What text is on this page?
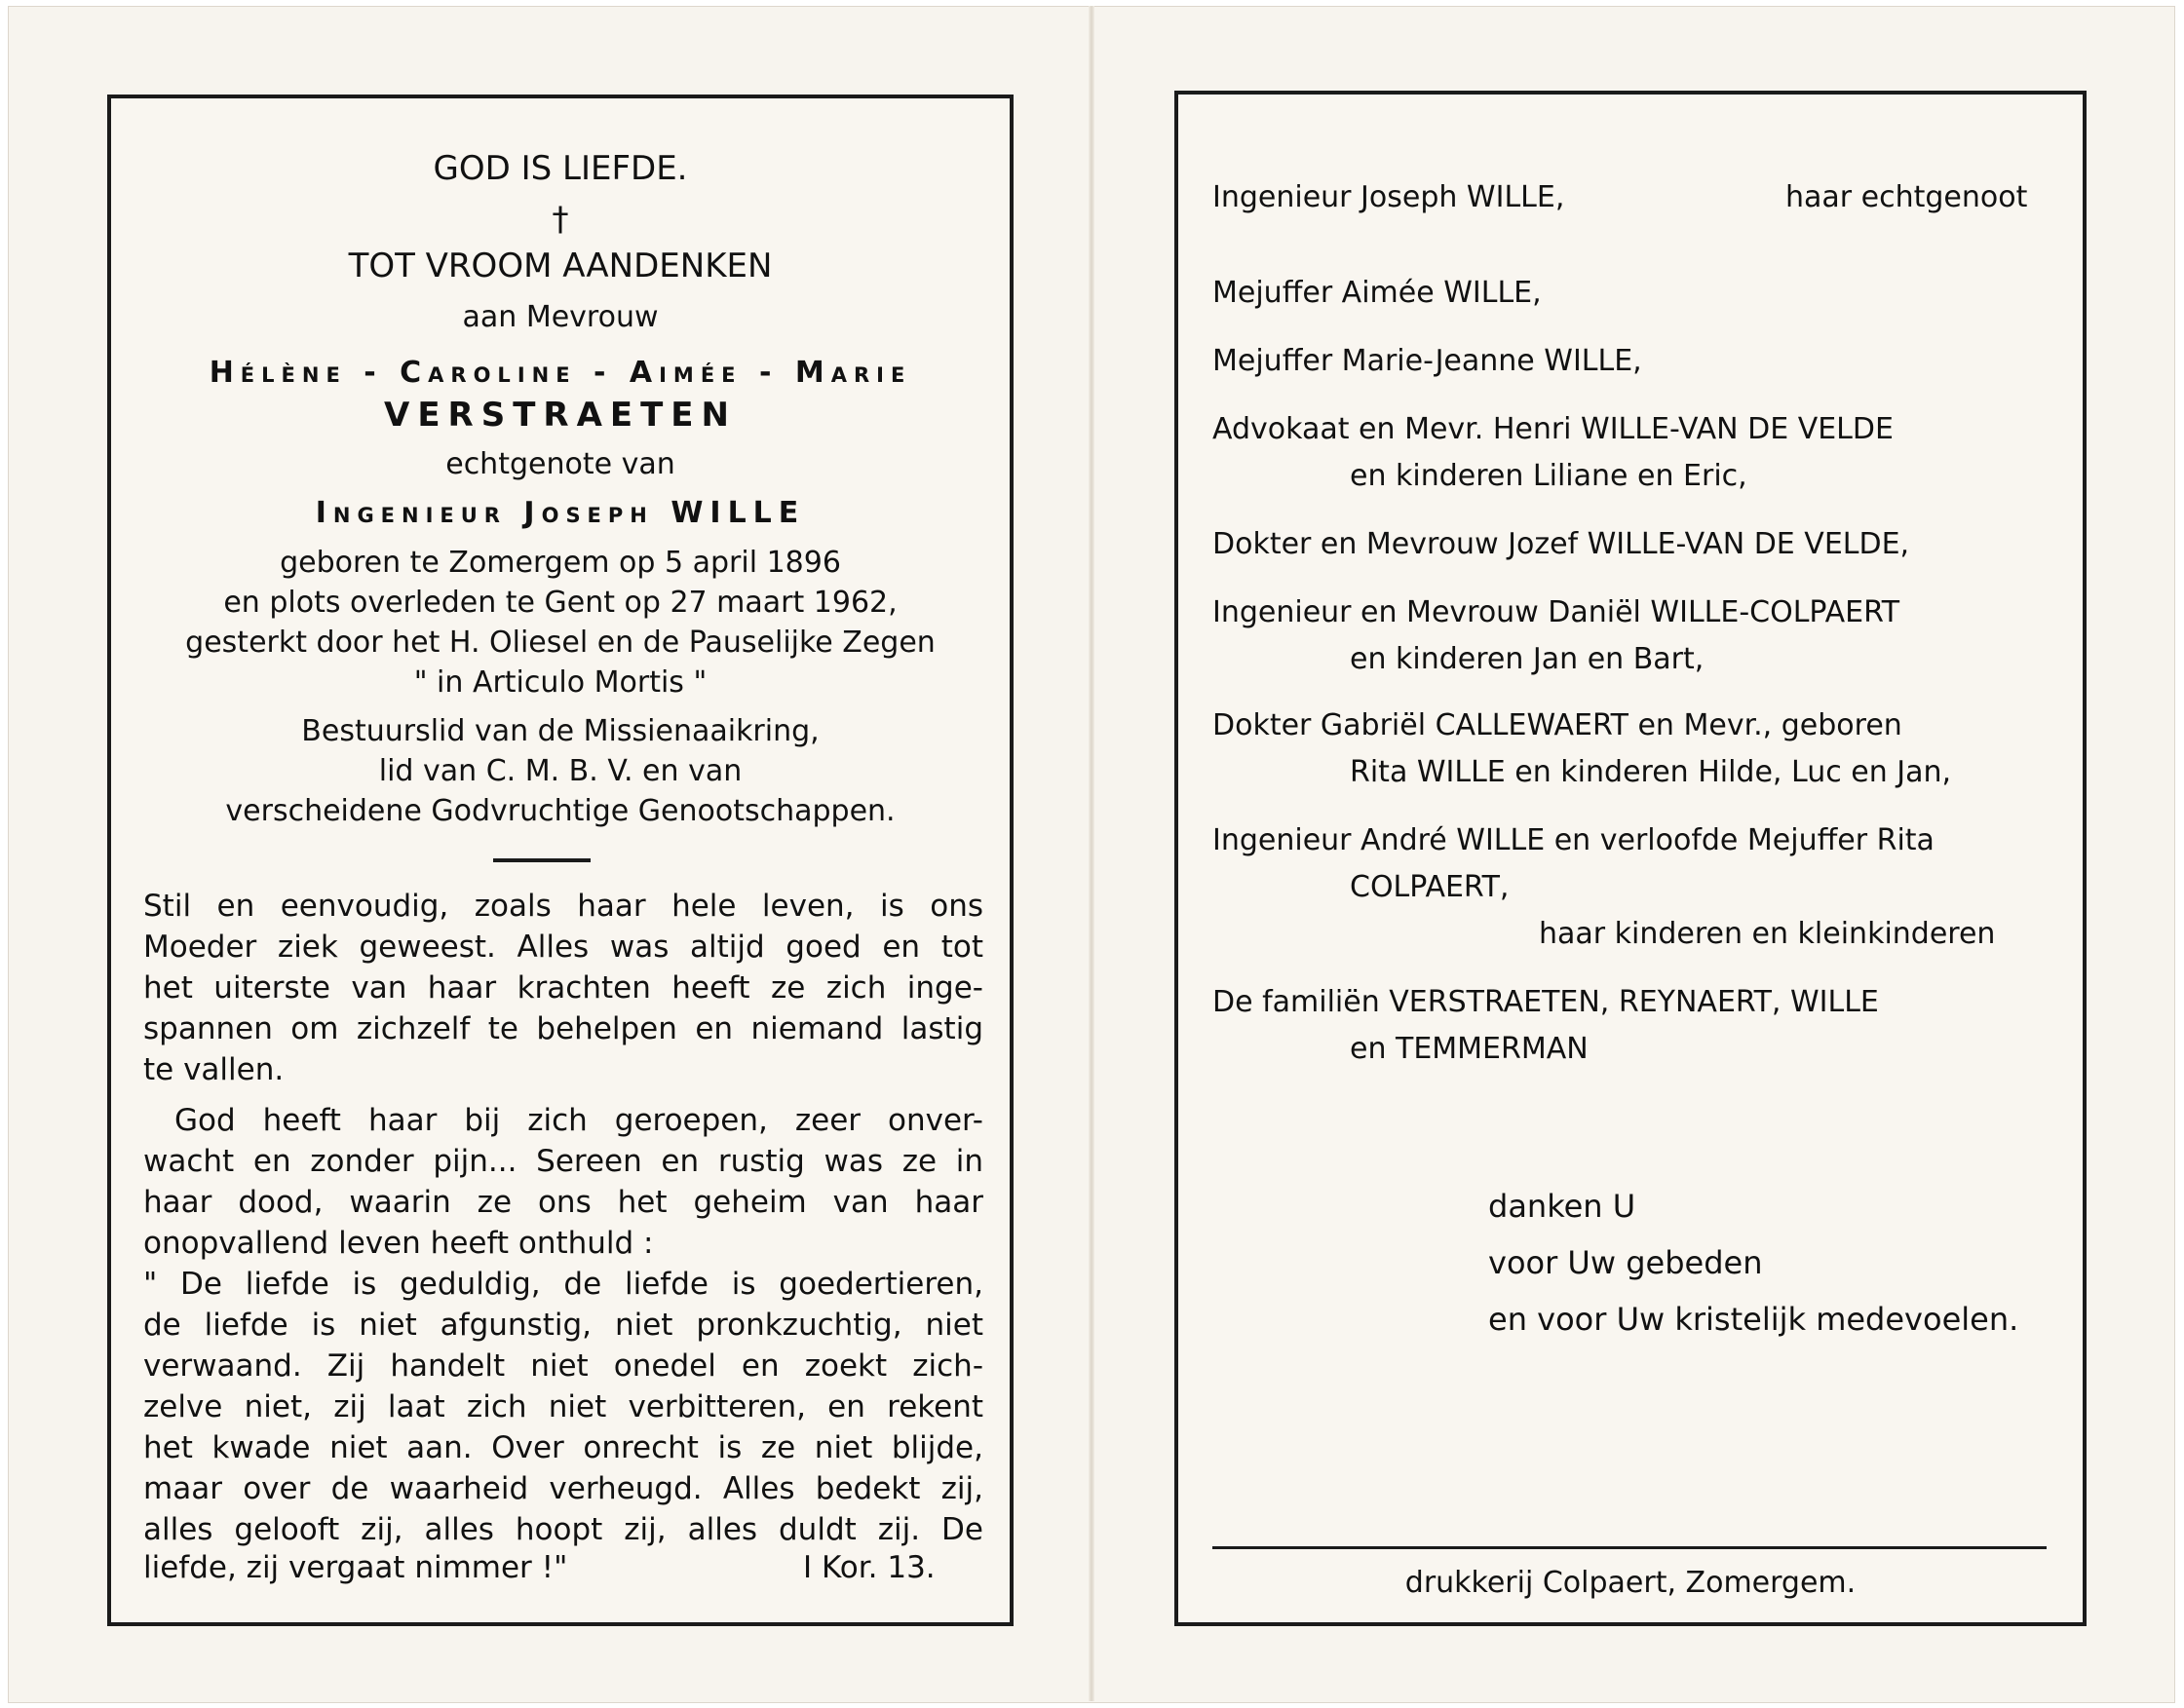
GOD IS LIEFDE.
†
TOT VROOM AANDENKEN
aan Mevrouw
Hélène - Caroline - Aimée - Marie
VERSTRAETEN
echtgenote van
Ingenieur Joseph WILLE
geboren te Zomergem op 5 april 1896
en plots overleden te Gent op 27 maart 1962,
gesterkt door het H. Oliesel en de Pauselijke Zegen
" in Articulo Mortis "
Bestuurslid van de Missienaaikring,
lid van C. M. B. V. en van
verscheidene Godvruchtige Genootschappen.
Stil en eenvoudig, zoals haar hele leven, is ons
Moeder ziek geweest. Alles was altijd goed en tot
het uiterste van haar krachten heeft ze zich inge-
spannen om zichzelf te behelpen en niemand lastig
te vallen.
God heeft haar bij zich geroepen, zeer onver-
wacht en zonder pijn... Sereen en rustig was ze in
haar dood, waarin ze ons het geheim van haar
onopvallend leven heeft onthuld :
" De liefde is geduldig, de liefde is goedertieren,
de liefde is niet afgunstig, niet pronkzuchtig, niet
verwaand. Zij handelt niet onedel en zoekt zich-
zelve niet, zij laat zich niet verbitteren, en rekent
het kwade niet aan. Over onrecht is ze niet blijde,
maar over de waarheid verheugd. Alles bedekt zij,
alles gelooft zij, alles hoopt zij, alles duldt zij. De
liefde, zij vergaat nimmer !"	I Kor. 13.
Ingenieur Joseph WILLE,	haar echtgenoot
Mejuffer Aimée WILLE,
Mejuffer Marie-Jeanne WILLE,
Advokaat en Mevr. Henri WILLE-VAN DE VELDE
en kinderen Liliane en Eric,
Dokter en Mevrouw Jozef WILLE-VAN DE VELDE,
Ingenieur en Mevrouw Daniël WILLE-COLPAERT
en kinderen Jan en Bart,
Dokter Gabriël CALLEWAERT en Mevr., geboren
Rita WILLE en kinderen Hilde, Luc en Jan,
Ingenieur André WILLE en verloofde Mejuffer Rita
COLPAERT,
haar kinderen en kleinkinderen
De familiën VERSTRAETEN, REYNAERT, WILLE
en TEMMERMAN
danken U
voor Uw gebeden
en voor Uw kristelijk medevoelen.
drukkerij Colpaert, Zomergem.
